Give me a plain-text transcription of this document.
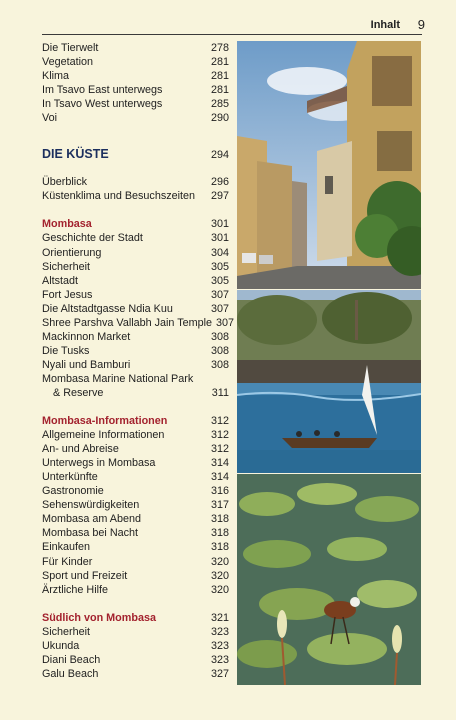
Inhalt 9
Die Tierwelt	278
Vegetation	281
Klima	281
Im Tsavo East unterwegs	281
In Tsavo West unterwegs	285
Voi	290
DIE KÜSTE	294
Überblick	296
Küstenklima und Besuchszeiten	297
Mombasa	301
Geschichte der Stadt	301
Orientierung	304
Sicherheit	305
Altstadt	305
Fort Jesus	307
Die Altstadtgasse Ndia Kuu	307
Shree Parshva Vallabh Jain Temple 307
Mackinnon Market	308
Die Tusks	308
Nyali und Bamburi	308
Mombasa Marine National Park
& Reserve	311
Mombasa-Informationen	312
Allgemeine Informationen	312
An- und Abreise	312
Unterwegs in Mombasa	314
Unterkünfte	314
Gastronomie	316
Sehenswürdigkeiten	317
Mombasa am Abend	318
Mombasa bei Nacht	318
Einkaufen	318
Für Kinder	320
Sport und Freizeit	320
Ärztliche Hilfe	320
Südlich von Mombasa	321
Sicherheit	323
Ukunda	323
Diani Beach	323
Galu Beach	327
